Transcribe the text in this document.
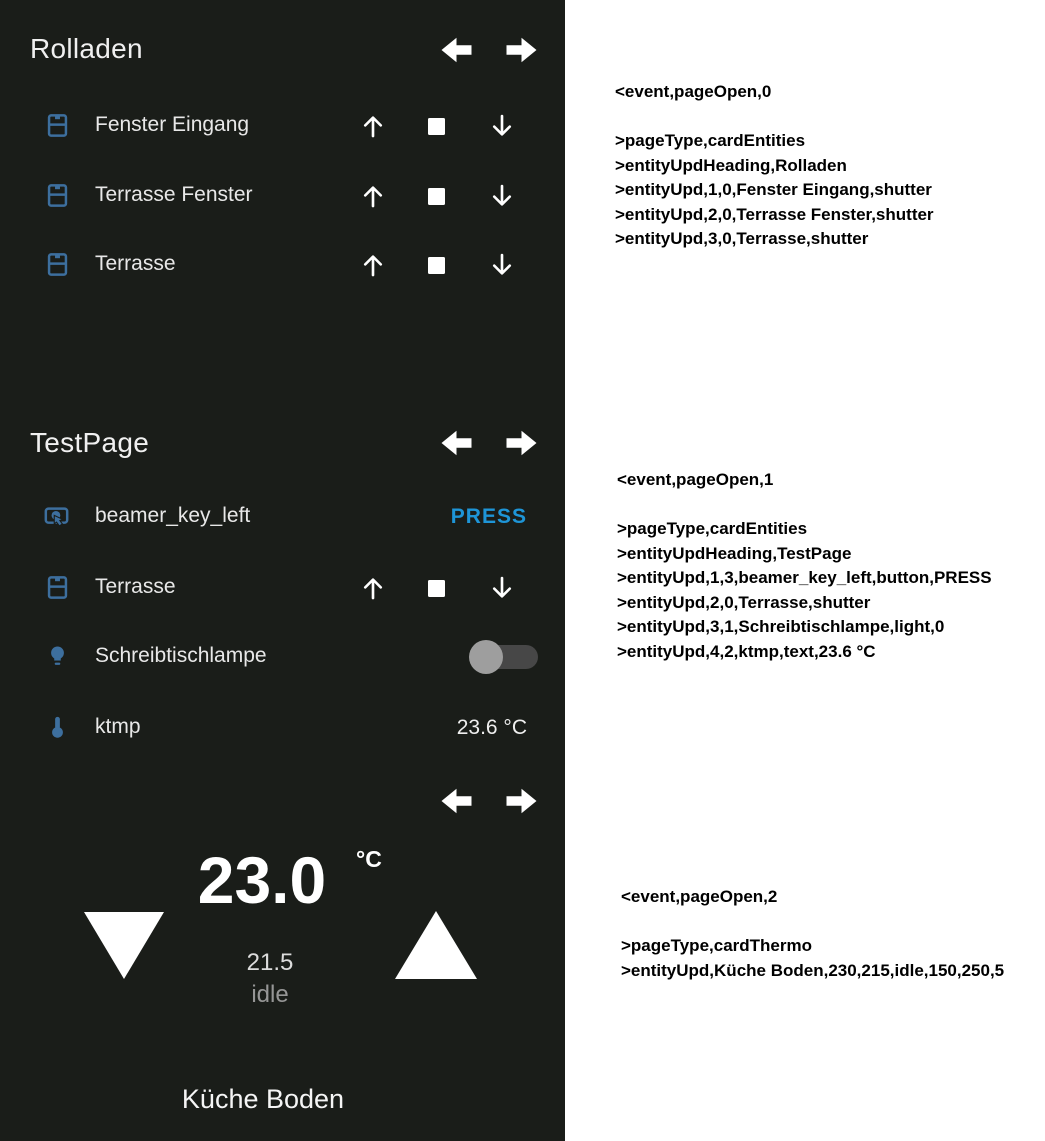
Rolladen
Fenster Eingang
Terrasse Fenster
Terrasse
TestPage
beamer_key_left	PRESS
Terrasse
Schreibtischlampe
ktmp	23.6 °C
23.0	°C
21.5
idle
Küche Boden
<event,pageOpen,0
>pageType,cardEntities
>entityUpdHeading,Rolladen
>entityUpd,1,0,Fenster Eingang,shutter
>entityUpd,2,0,Terrasse Fenster,shutter
>entityUpd,3,0,Terrasse,shutter
<event,pageOpen,1
>pageType,cardEntities
>entityUpdHeading,TestPage
>entityUpd,1,3,beamer_key_left,button,PRESS
>entityUpd,2,0,Terrasse,shutter
>entityUpd,3,1,Schreibtischlampe,light,0
>entityUpd,4,2,ktmp,text,23.6 °C
<event,pageOpen,2
>pageType,cardThermo
>entityUpd,Küche Boden,230,215,idle,150,250,5
